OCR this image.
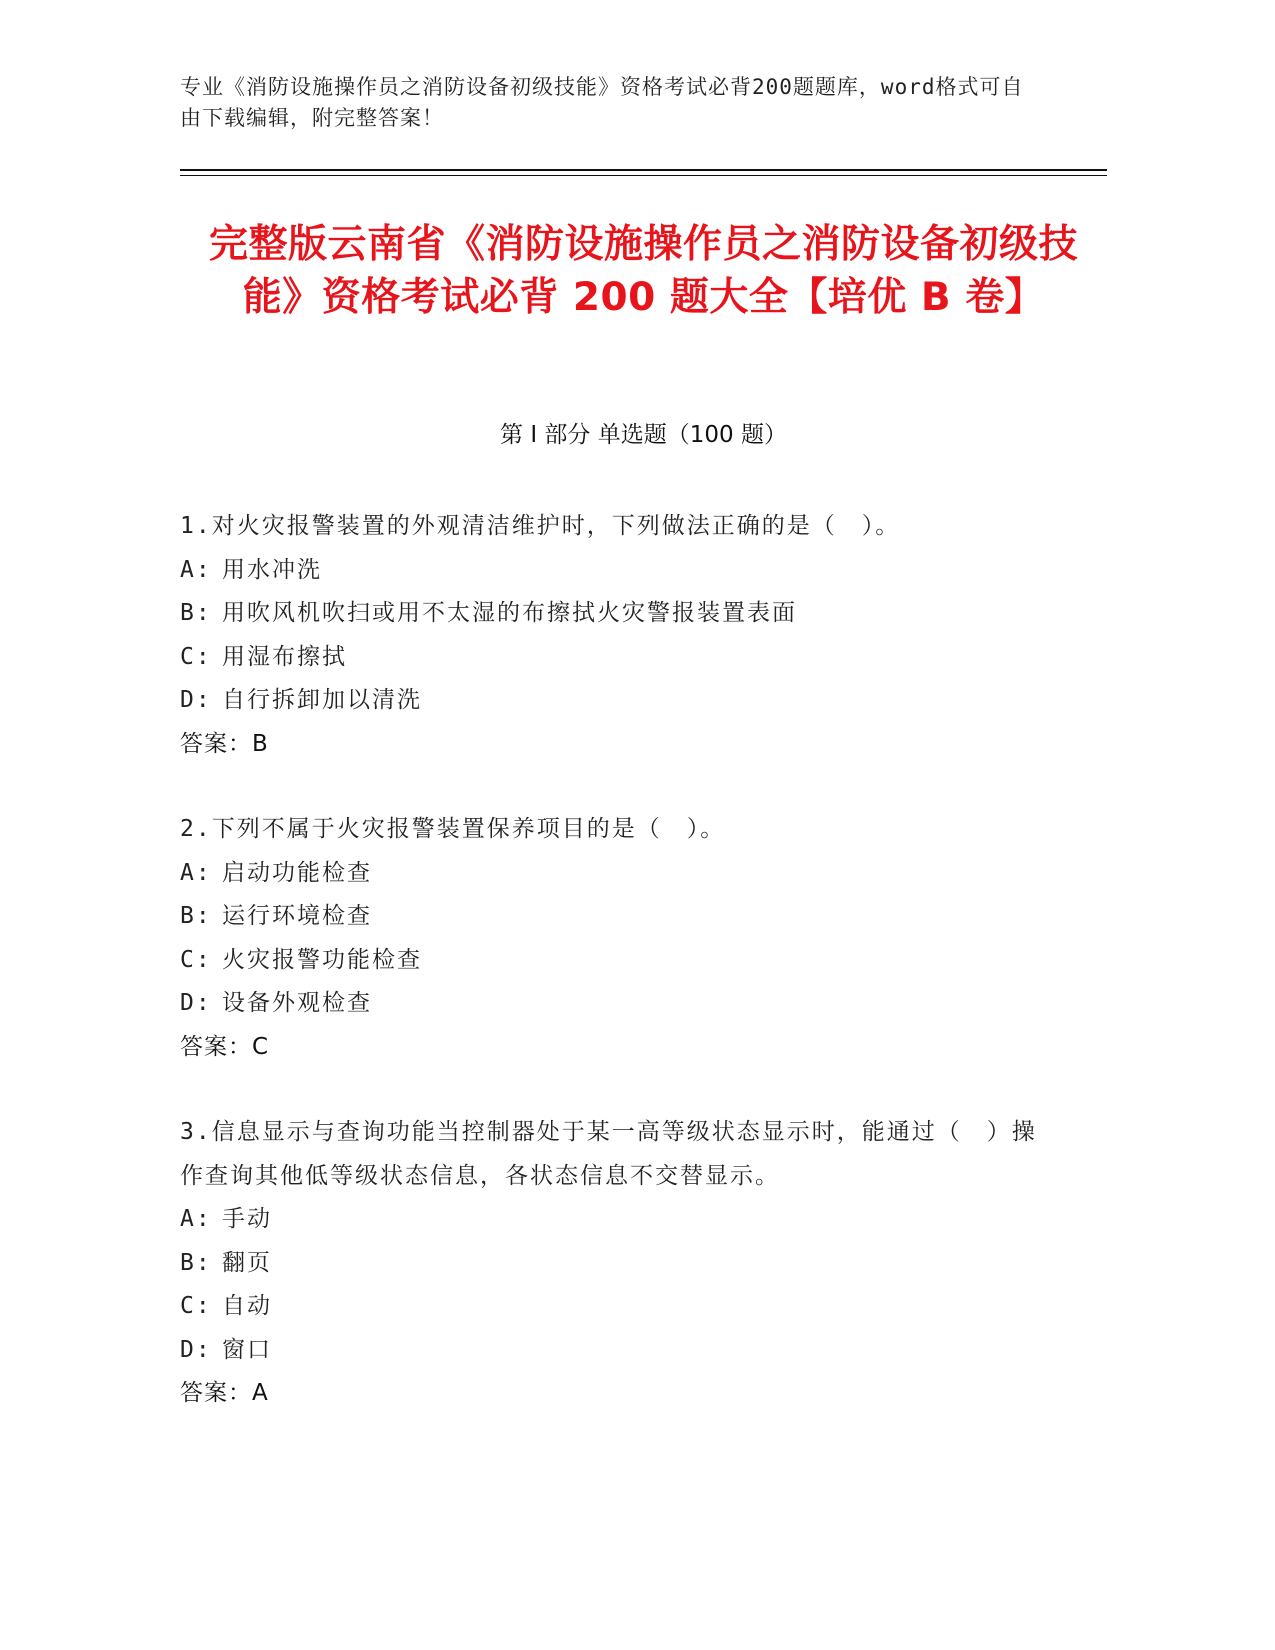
专业《消防设施操作员之消防设备初级技能》资格考试必背200题题库，word格式可自由下载编辑，附完整答案！
完整版云南省《消防设施操作员之消防设备初级技能》资格考试必背 200 题大全【培优 B 卷】
第 I 部分 单选题（100 题）
1.对火灾报警装置的外观清洁维护时，下列做法正确的是（　）。
A: 用水冲洗
B: 用吹风机吹扫或用不太湿的布擦拭火灾警报装置表面
C: 用湿布擦拭
D: 自行拆卸加以清洗
答案：B
2.下列不属于火灾报警装置保养项目的是（　）。
A: 启动功能检查
B: 运行环境检查
C: 火灾报警功能检查
D: 设备外观检查
答案：C
3.信息显示与查询功能当控制器处于某一高等级状态显示时，能通过（　）操作查询其他低等级状态信息，各状态信息不交替显示。
A: 手动
B: 翻页
C: 自动
D: 窗口
答案：A
